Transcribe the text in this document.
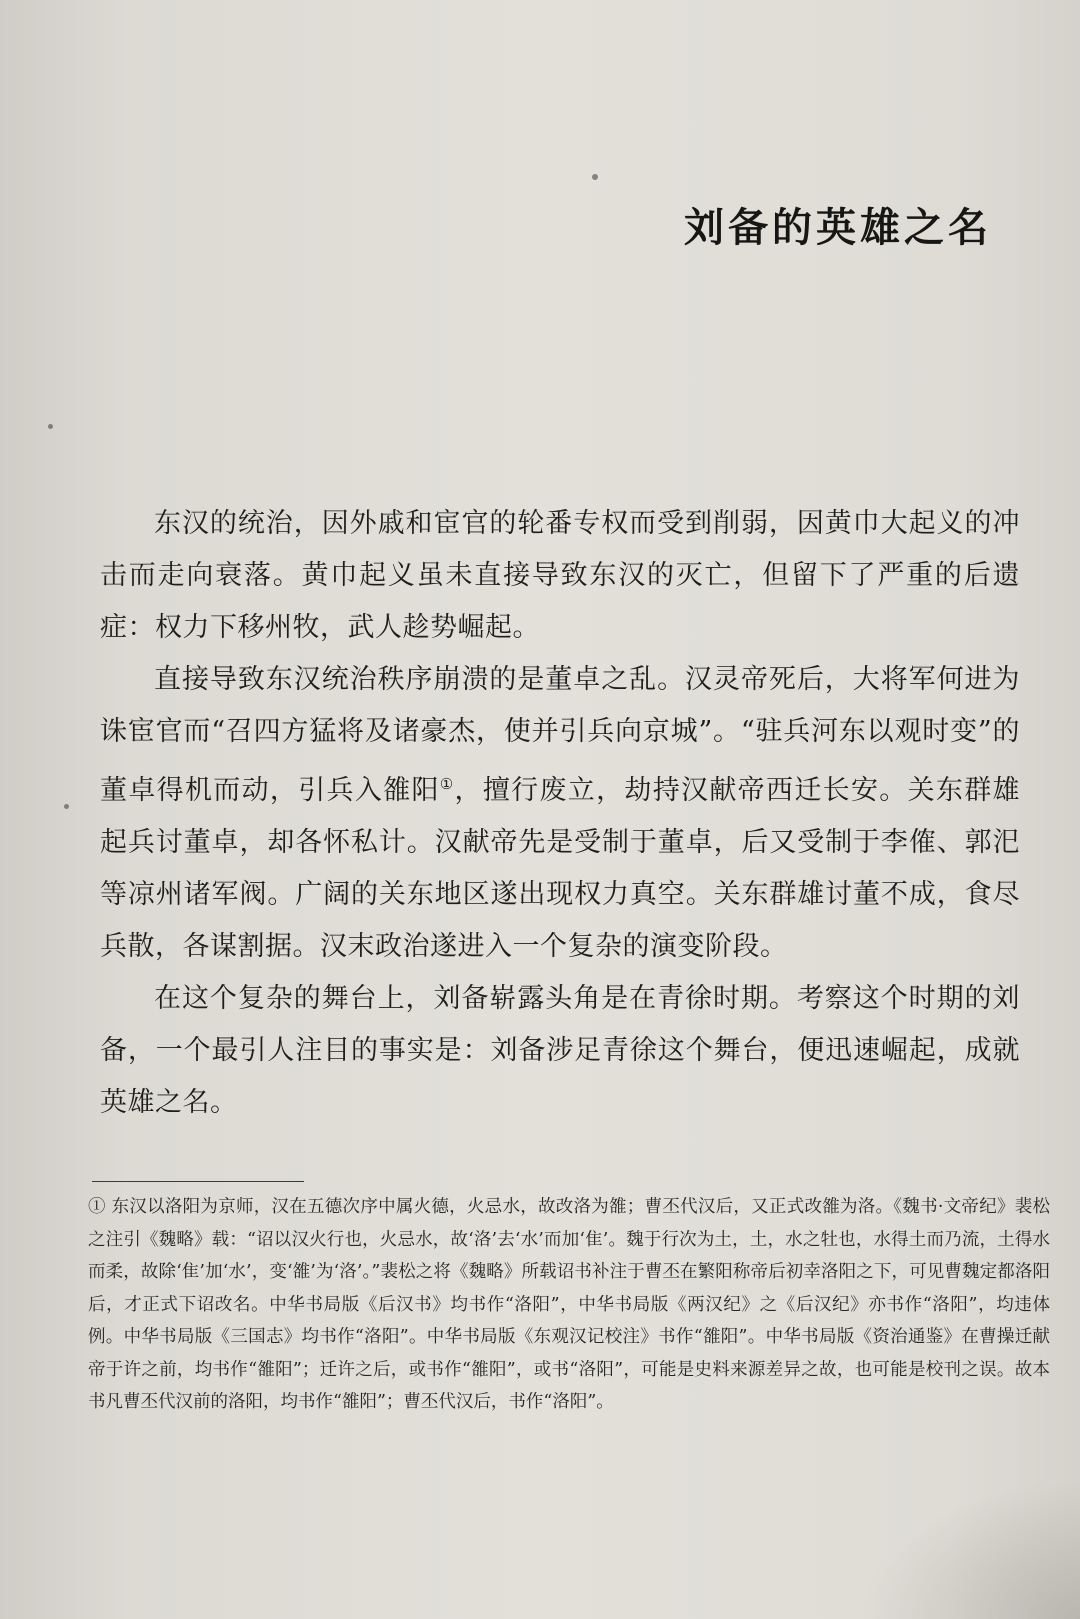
刘备的英雄之名

东汉的统治，因外戚和宦官的轮番专权而受到削弱，因黄巾大起义的冲击而走向衰落。黄巾起义虽未直接导致东汉的灭亡，但留下了严重的后遗症：权力下移州牧，武人趁势崛起。

直接导致东汉统治秩序崩溃的是董卓之乱。汉灵帝死后，大将军何进为诛宦官而“召四方猛将及诸豪杰，使并引兵向京城”。“驻兵河东以观时变”的董卓得机而动，引兵入雒阳①，擅行废立，劫持汉献帝西迁长安。关东群雄起兵讨董卓，却各怀私计。汉献帝先是受制于董卓，后又受制于李傕、郭汜等凉州诸军阀。广阔的关东地区遂出现权力真空。关东群雄讨董不成，食尽兵散，各谋割据。汉末政治遂进入一个复杂的演变阶段。

在这个复杂的舞台上，刘备崭露头角是在青徐时期。考察这个时期的刘备，一个最引人注目的事实是：刘备涉足青徐这个舞台，便迅速崛起，成就英雄之名。

① 东汉以洛阳为京师，汉在五德次序中属火德，火忌水，故改洛为雒；曹丕代汉后，又正式改雒为洛。《魏书·文帝纪》裴松之注引《魏略》载：“诏以汉火行也，火忌水，故‘洛’去‘水’而加‘隹’。魏于行次为土，土，水之牡也，水得土而乃流，土得水而柔，故除‘隹’加‘水’，变‘雒’为‘洛’。”裴松之将《魏略》所载诏书补注于曹丕在繁阳称帝后初幸洛阳之下，可见曹魏定都洛阳后，才正式下诏改名。中华书局版《后汉书》均书作“洛阳”，中华书局版《两汉纪》之《后汉纪》亦书作“洛阳”，均违体例。中华书局版《三国志》均书作“洛阳”。中华书局版《东观汉记校注》书作“雒阳”。中华书局版《资治通鉴》在曹操迁献帝于许之前，均书作“雒阳”；迁许之后，或书作“雒阳”，或书“洛阳”，可能是史料来源差异之故，也可能是校刊之误。故本书凡曹丕代汉前的洛阳，均书作“雒阳”；曹丕代汉后，书作“洛阳”。
